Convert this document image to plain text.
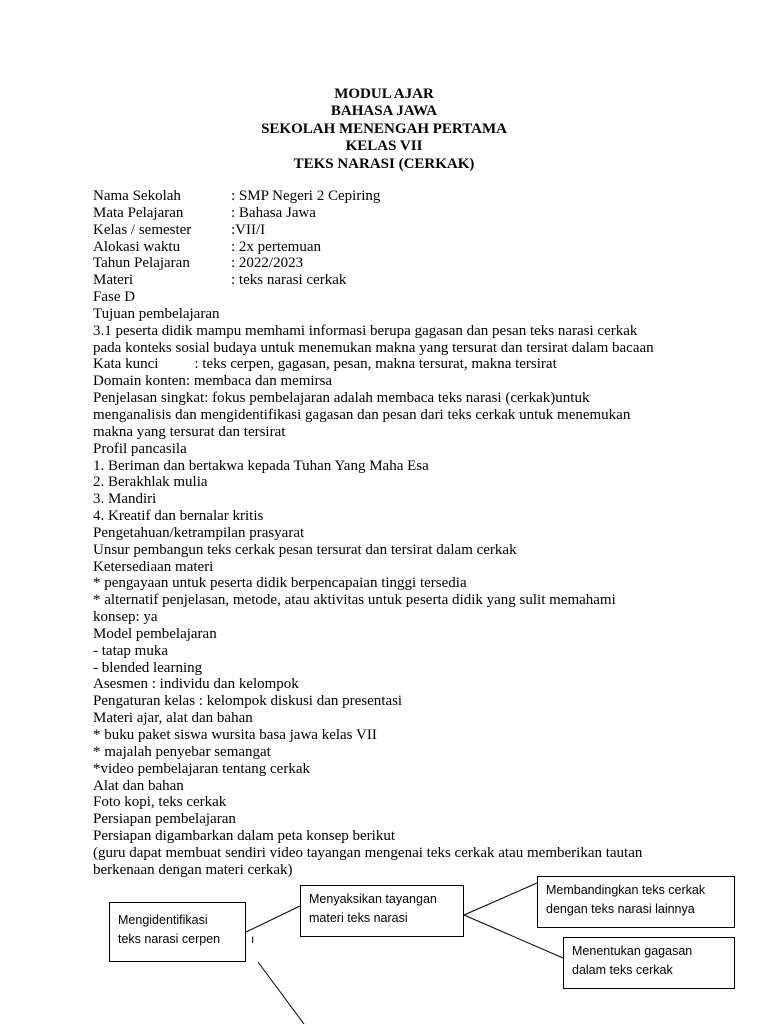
MODUL AJAR
BAHASA JAWA
SEKOLAH MENENGAH PERTAMA
KELAS VII
TEKS NARASI (CERKAK)
Nama Sekolah	: SMP Negeri 2 Cepiring
Mata Pelajaran	: Bahasa Jawa
Kelas / semester	:VII/I
Alokasi waktu	: 2x pertemuan
Tahun Pelajaran	: 2022/2023
Materi	: teks narasi cerkak
Fase D
Tujuan pembelajaran
3.1 peserta didik mampu memhami informasi berupa gagasan dan pesan teks narasi cerkak
pada konteks sosial budaya untuk menemukan makna yang tersurat dan tersirat dalam bacaan
Kata kunci : teks cerpen, gagasan, pesan, makna tersurat, makna tersirat
Domain konten: membaca dan memirsa
Penjelasan singkat: fokus pembelajaran adalah membaca teks narasi (cerkak)untuk
menganalisis dan mengidentifikasi gagasan dan pesan dari teks cerkak untuk menemukan
makna yang tersurat dan tersirat
Profil pancasila
1. Beriman dan bertakwa kepada Tuhan Yang Maha Esa
2. Berakhlak mulia
3. Mandiri
4. Kreatif dan bernalar kritis
Pengetahuan/ketrampilan prasyarat
Unsur pembangun teks cerkak pesan tersurat dan tersirat dalam cerkak
Ketersediaan materi
* pengayaan untuk peserta didik berpencapaian tinggi tersedia
* alternatif penjelasan, metode, atau aktivitas untuk peserta didik yang sulit memahami
konsep: ya
Model pembelajaran
- tatap muka
- blended learning
Asesmen : individu dan kelompok
Pengaturan kelas : kelompok diskusi dan presentasi
Materi ajar, alat dan bahan
* buku paket siswa wursita basa jawa kelas VII
* majalah penyebar semangat
*video pembelajaran tentang cerkak
Alat dan bahan
Foto kopi, teks cerkak
Persiapan pembelajaran
Persiapan digambarkan dalam peta konsep berikut
(guru dapat membuat sendiri video tayangan mengenai teks cerkak atau memberikan tautan
berkenaan dengan materi cerkak)
Mengidentifikasi
teks narasi cerpen
Menyaksikan tayangan
materi teks narasi
Membandingkan teks cerkak
dengan teks narasi lainnya
Menentukan gagasan
dalam teks cerkak
ı
